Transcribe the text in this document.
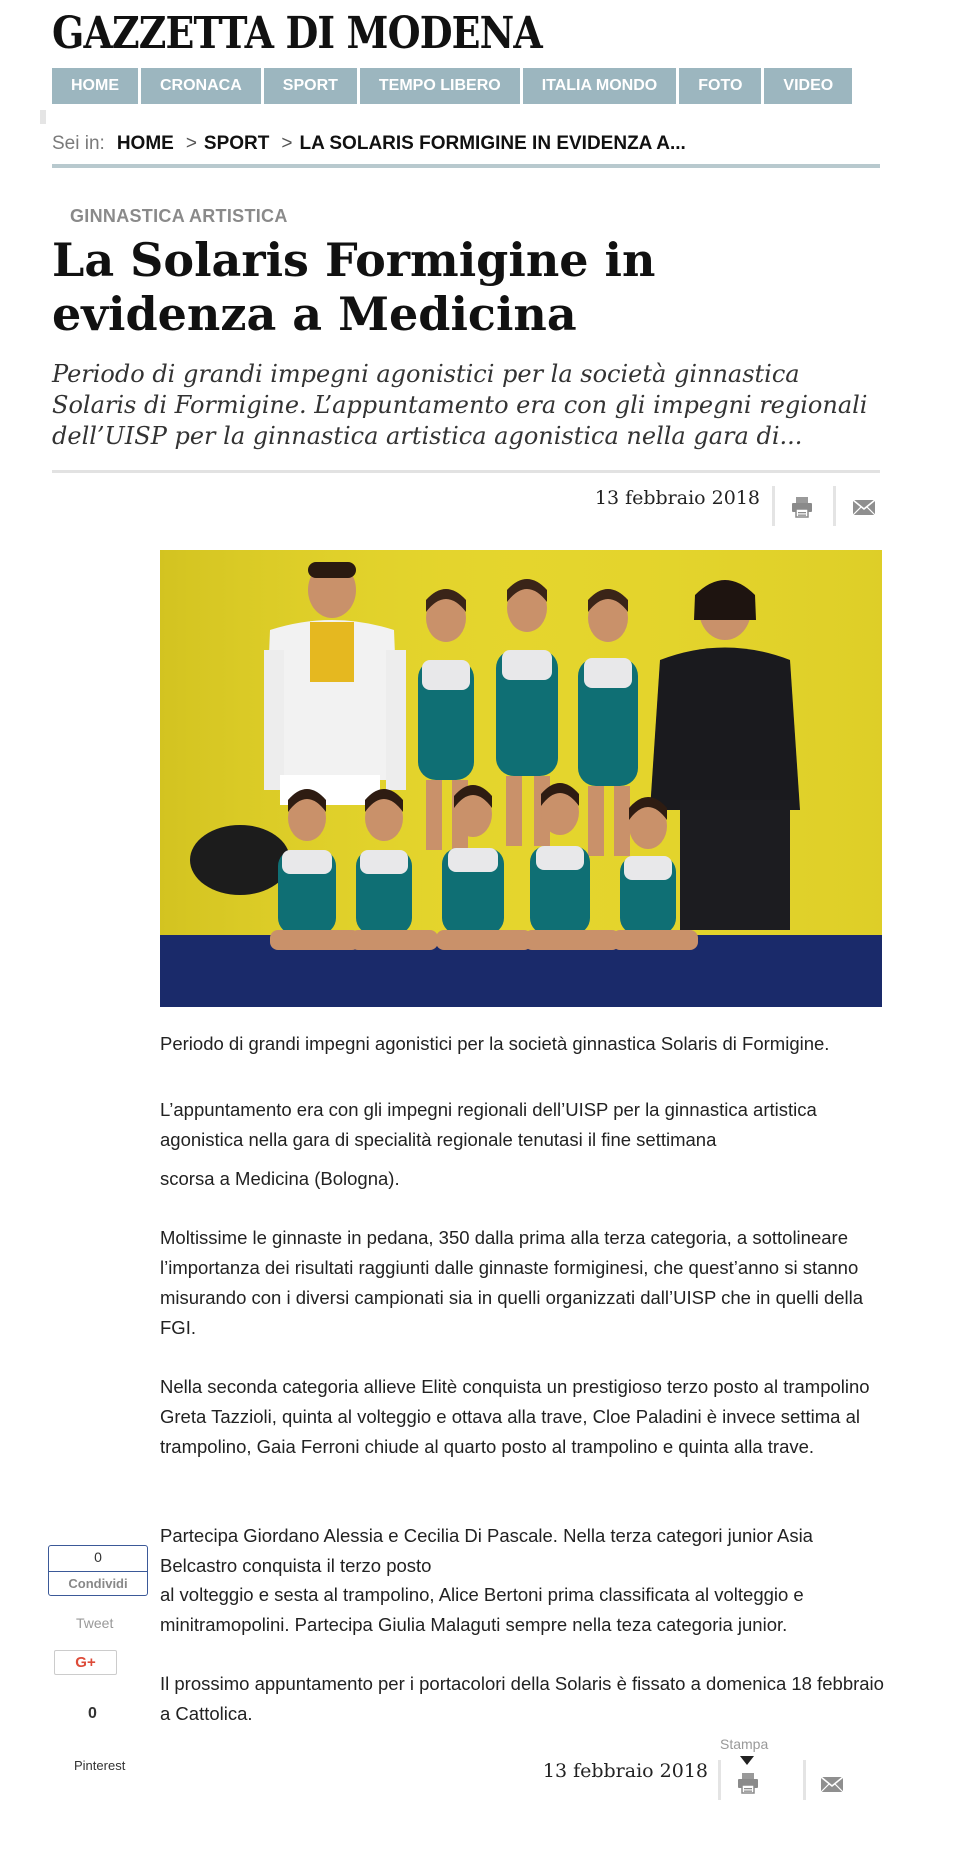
GAZZETTA DI MODENA
HOME	CRONACA	SPORT	TEMPO LIBERO	ITALIA MONDO	FOTO	VIDEO
Sei in: HOME > SPORT > LA SOLARIS FORMIGINE IN EVIDENZA A...
GINNASTICA ARTISTICA
La Solaris Formigine in evidenza a Medicina

Periodo di grandi impegni agonistici per la società ginnastica Solaris di Formigine. L’appuntamento era con gli impegni regionali dell’UISP per la ginnastica artistica agonistica nella gara di...

13 febbraio 2018

Periodo di grandi impegni agonistici per la società ginnastica Solaris di Formigine.

L’appuntamento era con gli impegni regionali dell’UISP per la ginnastica artistica agonistica nella gara di specialità regionale tenutasi il fine settimana

scorsa a Medicina (Bologna).

Moltissime le ginnaste in pedana, 350 dalla prima alla terza categoria, a sottolineare l’importanza dei risultati raggiunti dalle ginnaste formiginesi, che quest’anno si stanno misurando con i diversi campionati sia in quelli organizzati dall’UISP che in quelli della FGI.

Nella seconda categoria allieve Elitè conquista un prestigioso terzo posto al trampolino Greta Tazzioli, quinta al volteggio e ottava alla trave, Cloe Paladini è invece settima al trampolino, Gaia Ferroni chiude al quarto posto al trampolino e quinta alla trave.

Partecipa Giordano Alessia e Cecilia Di Pascale. Nella terza categori junior Asia Belcastro conquista il terzo posto

al volteggio e sesta al trampolino, Alice Bertoni prima classificata al volteggio e minitramopolini. Partecipa Giulia Malaguti sempre nella teza categoria junior.

Il prossimo appuntamento per i portacolori della Solaris è fissato a domenica 18 febbraio a Cattolica.

0
Condividi
Tweet
G+
0
Pinterest
Stampa
13 febbraio 2018
